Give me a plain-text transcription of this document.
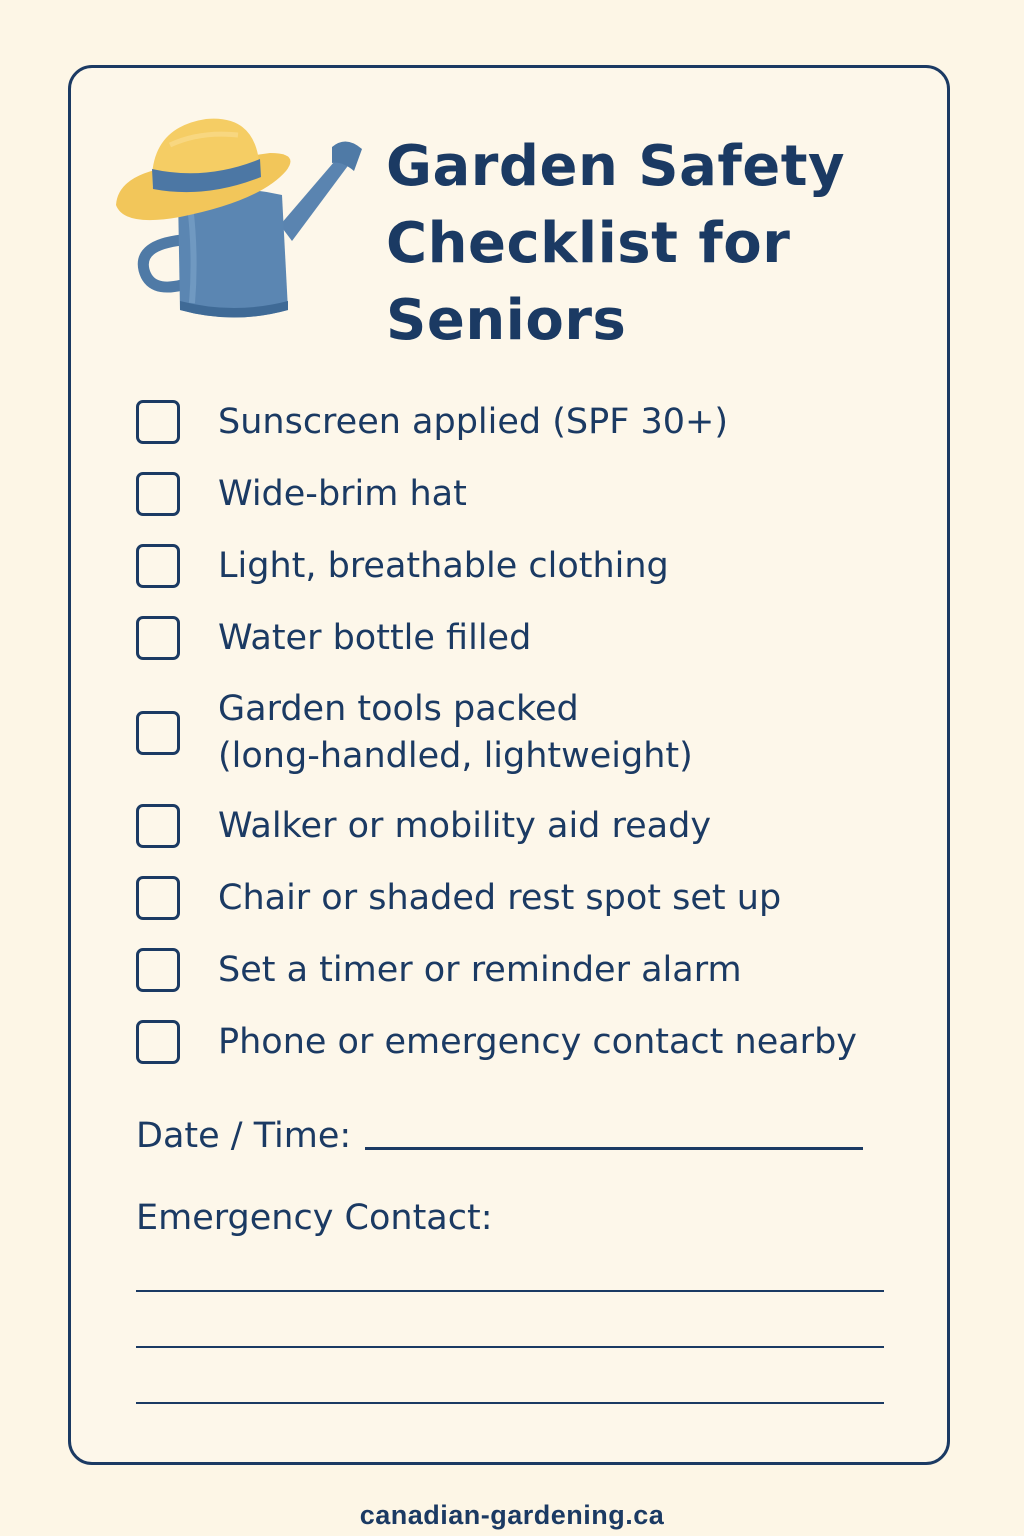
Garden Safety
Checklist for
Seniors
Sunscreen applied (SPF 30+)
Wide-brim hat
Light, breathable clothing
Water bottle filled
Garden tools packed
(long-handled, lightweight)
Walker or mobility aid ready
Chair or shaded rest spot set up
Set a timer or reminder alarm
Phone or emergency contact nearby
Date / Time:
Emergency Contact:
canadian-gardening.ca
